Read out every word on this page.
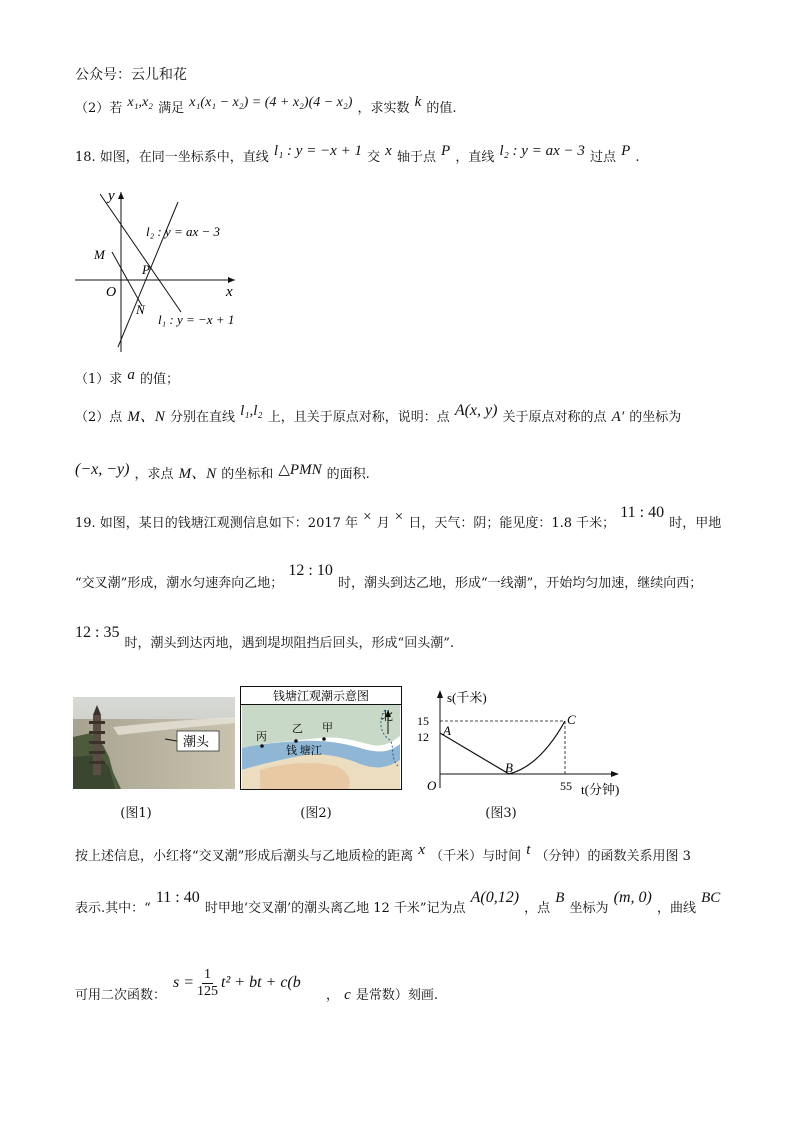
公众号：云儿和花
（2）若 x₁,x₂ 满足 x₁(x₁ − x₂) = (4 + x₂)(4 − x₂) ，求实数 k 的值.
18. 如图，在同一坐标系中，直线 l₁ : y = −x + 1 交 x 轴于点 P ，直线 l₂ : y = ax − 3 过点 P .
y
x
O
M
N
P
l₂ : y = ax − 3
l₁ : y = −x + 1
（1）求 a 的值；
（2）点 M、N 分别在直线 l₁,l₂ 上，且关于原点对称，说明：点 A(x, y) 关于原点对称的点 A′ 的坐标为
(−x, −y) ，求点 M、N 的坐标和 △PMN 的面积.
19. 如图，某日的钱塘江观测信息如下：2017 年 × 月 × 日，天气：阴；能见度：1.8 千米； 11 : 40 时，甲地
“交叉潮”形成，潮水匀速奔向乙地； 12 : 10 时，潮头到达乙地，形成“一线潮”，开始均匀加速，继续向西；
12 : 35 时，潮头到达丙地，遇到堤坝阻挡后回头，形成“回头潮”.
潮头
(图1)
钱塘江观潮示意图
北
丙
乙 甲
钱 塘江
(图2)
s(千米)
15
12 A
B
C
55
O	t(分钟)
(图3)
按上述信息，小红将“交叉潮”形成后潮头与乙地质检的距离 x （千米）与时间 t （分钟）的函数关系用图 3
表示.其中：“ 11 : 40 时甲地‘交叉潮’的潮头离乙地 12 千米”记为点 A(0,12) ，点 B 坐标为 (m, 0) ，曲线 BC
可用二次函数：
$s = \frac{1}{125} t^2$ + bt + c(b
， c 是常数）刻画.
